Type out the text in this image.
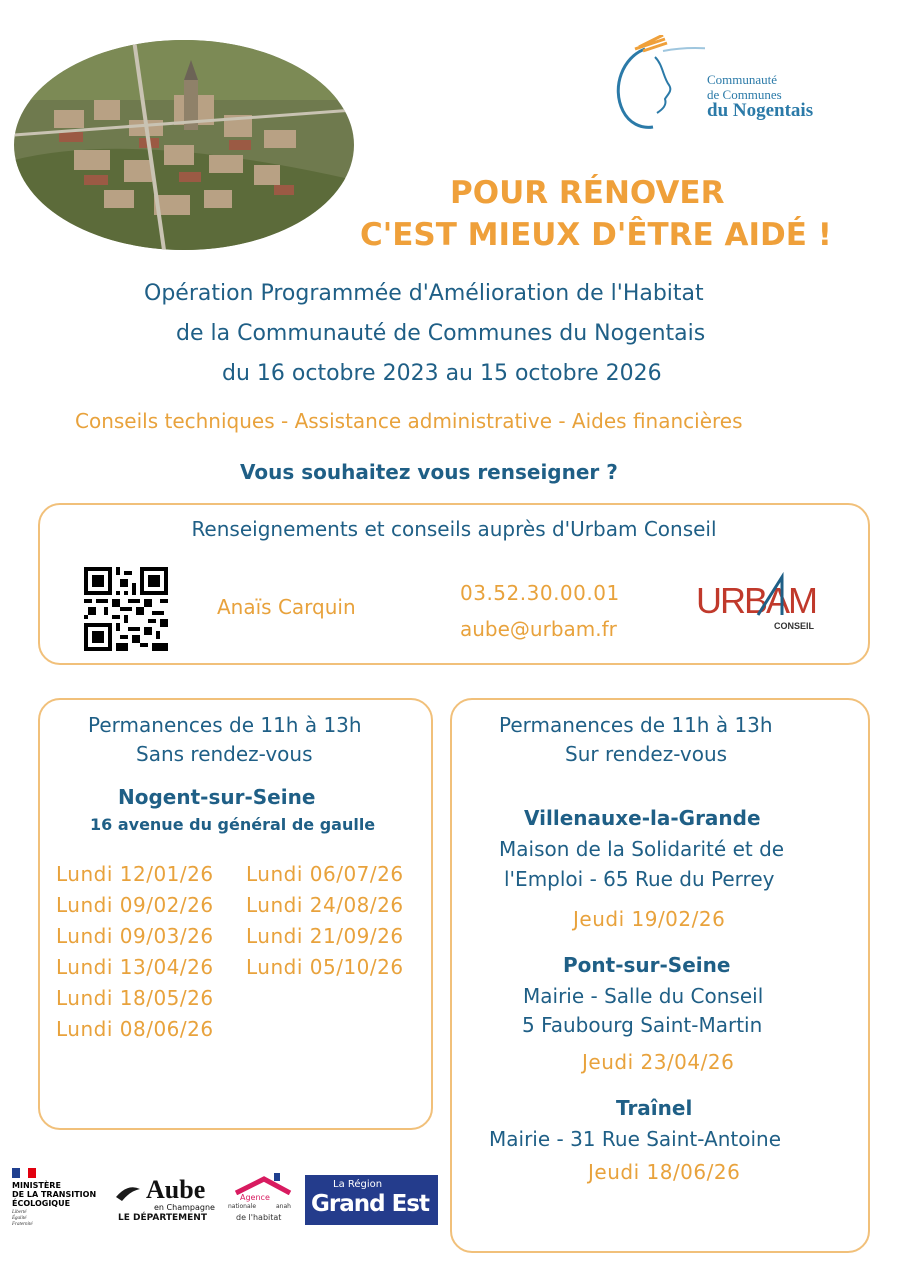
Communauté
de Communes
du Nogentais
POUR RÉNOVER
C'EST MIEUX D'ÊTRE AIDÉ !
Opération Programmée d'Amélioration de l'Habitat
de la Communauté de Communes du Nogentais
du 16 octobre 2023 au 15 octobre 2026
Conseils techniques - Assistance administrative - Aides financières
Vous souhaitez vous renseigner ?
Renseignements et conseils auprès d'Urbam Conseil
Anaïs Carquin
03.52.30.00.01
aube@urbam.fr
URBAM
CONSEIL
Permanences de 11h à 13h
Sans rendez-vous
Nogent-sur-Seine
16 avenue du général de gaulle
Lundi 12/01/26
Lundi 09/02/26
Lundi 09/03/26
Lundi 13/04/26
Lundi 18/05/26
Lundi 08/06/26
Lundi 06/07/26
Lundi 24/08/26
Lundi 21/09/26
Lundi 05/10/26
Permanences de 11h à 13h
Sur rendez-vous
Villenauxe-la-Grande
Maison de la Solidarité et de
l'Emploi - 65 Rue du Perrey
Jeudi 19/02/26
Pont-sur-Seine
Mairie - Salle du Conseil
5 Faubourg Saint-Martin
Jeudi 23/04/26
Traînel
Mairie - 31 Rue Saint-Antoine
Jeudi 18/06/26
MINISTÈRE
DE LA TRANSITION
ÉCOLOGIQUE
Liberté
Égalité
Fraternité
Aube
en Champagne
LE DÉPARTEMENT
Agence
nationale	anah
de l'habitat
La Région
Grand Est
